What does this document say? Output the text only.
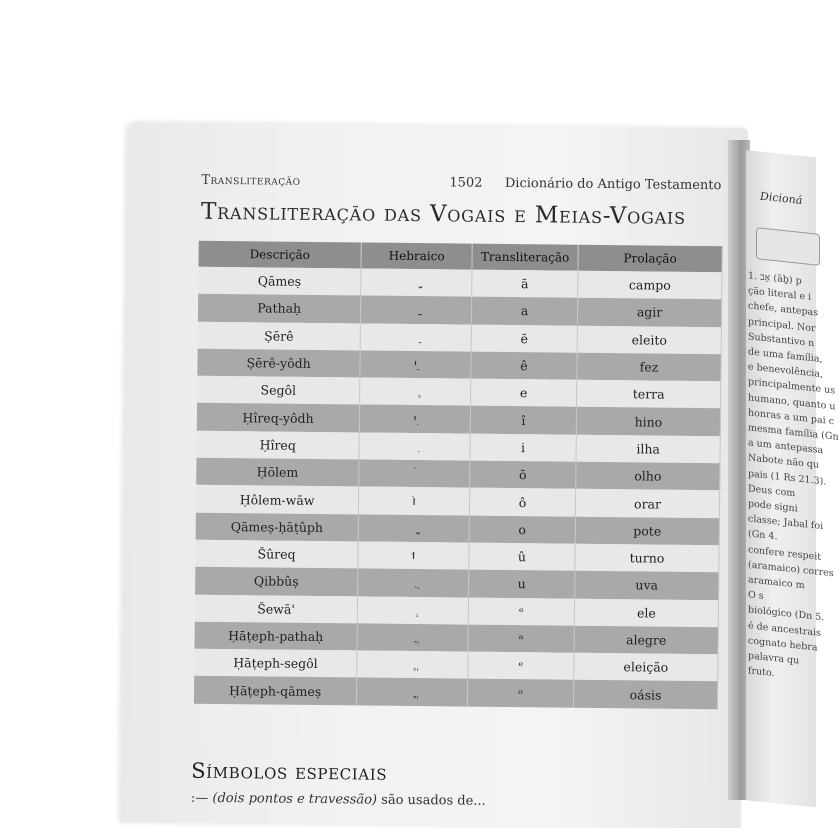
Transliteração	1502 Dicionário do Antigo Testamento
Transliteração das Vogais e Meias-Vogais
Descrição	Hebraico	Transliteração	Prolação
Qāmeṣ	ָ	ā	campo
Pathaḥ	ַ	a	agir
Ṣērê	ֵ	ē	eleito
Ṣērê-yôdh	ֵי	ê	fez
Segôl	ֶ	e	terra
Ḥîreq-yôdh	ִי	î	hino
Ḥîreq	ִ	i	ilha
Ḥōlem	ֹ	ō	olho
Ḥôlem-wāw	וֹ	ô	orar
Qāmeṣ-ḥāṭûph	ָ	o	pote
Šûreq	וּ	û	turno
Qibbûṣ	ֻ	u	uva
Šewā'	ְ	ᵉ	ele
Ḥāṭeph-pathaḥ	ֲ	ᵃ	alegre
Ḥāṭeph-segôl	ֱ	ᵉ	eleição
Ḥāṭeph-qāmeṣ	ֳ	ᵒ	oásis
Símbolos especiais
:— (dois pontos e travessão) são usados de...
Dicioná
1. אָב (āḇ) p
ção literal e i
chefe, antepas
principal. Nor
Substantivo n
de uma família,
e benevolência,
principalmente us
humano, quanto u
honras a um pai c
mesma família (Gn
a um antepassa
Nabote não qu
pais (1 Rs 21.3).
Deus com
pode signi
classe; Jabal foi
(Gn 4.
confere respeit
(aramaico) corres
aramaico m
O s
biológico (Dn 5.
é de ancestrais
cognato hebra
palavra qu
fruto.
